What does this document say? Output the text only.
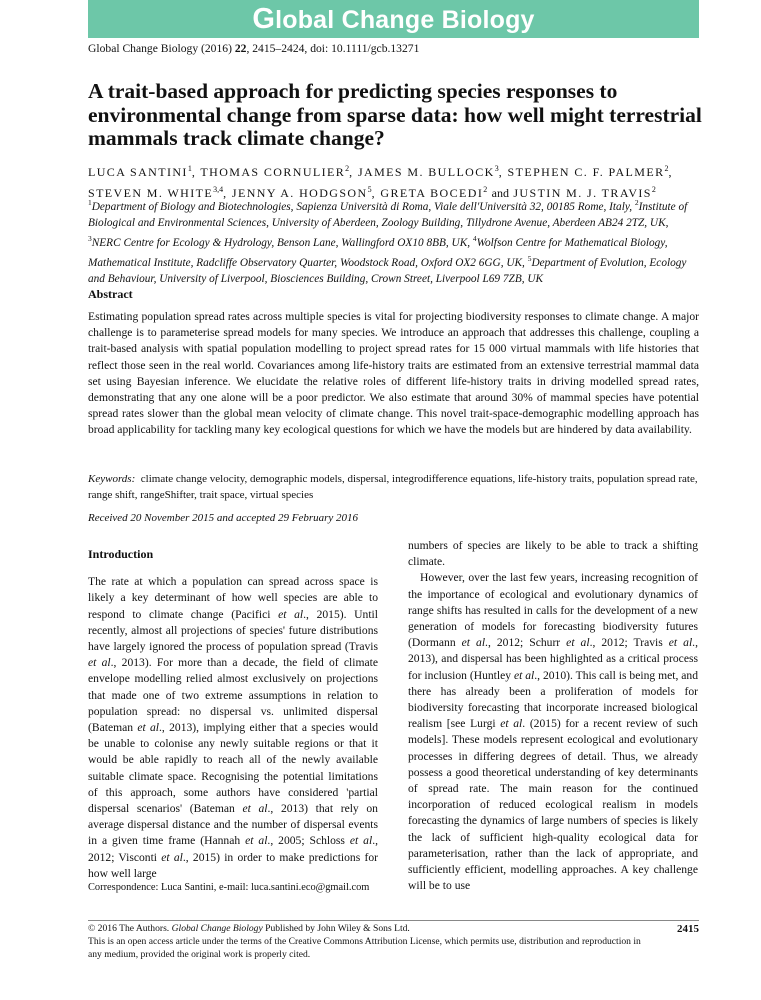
Global Change Biology
Global Change Biology (2016) 22, 2415–2424, doi: 10.1111/gcb.13271
A trait-based approach for predicting species responses to environmental change from sparse data: how well might terrestrial mammals track climate change?
LUCA SANTINI$^1$, THOMAS CORNULIER$^2$, JAMES M. BULLOCK$^3$, STEPHEN C. F. PALMER$^2$, STEVEN M. WHITE$^{3,4}$, JENNY A. HODGSON$^5$, GRETA BOCEDI$^2$ and JUSTIN M. J. TRAVIS$^2$
$^1$Department of Biology and Biotechnologies, Sapienza Università di Roma, Viale dell'Università 32, 00185 Rome, Italy, $^2$Institute of Biological and Environmental Sciences, University of Aberdeen, Zoology Building, Tillydrone Avenue, Aberdeen AB24 2TZ, UK, $^3$NERC Centre for Ecology & Hydrology, Benson Lane, Wallingford OX10 8BB, UK, $^4$Wolfson Centre for Mathematical Biology, Mathematical Institute, Radcliffe Observatory Quarter, Woodstock Road, Oxford OX2 6GG, UK, $^5$Department of Evolution, Ecology and Behaviour, University of Liverpool, Biosciences Building, Crown Street, Liverpool L69 7ZB, UK
Abstract

Estimating population spread rates across multiple species is vital for projecting biodiversity responses to climate change. A major challenge is to parameterise spread models for many species. We introduce an approach that addresses this challenge, coupling a trait-based analysis with spatial population modelling to project spread rates for 15 000 virtual mammals with life histories that reflect those seen in the real world. Covariances among life-history traits are estimated from an extensive terrestrial mammal data set using Bayesian inference. We elucidate the relative roles of different life-history traits in driving modelled spread rates, demonstrating that any one alone will be a poor predictor. We also estimate that around 30% of mammal species have potential spread rates slower than the global mean velocity of climate change. This novel trait-space-demographic modelling approach has broad applicability for tackling many key ecological questions for which we have the models but are hindered by data availability.

Keywords: climate change velocity, demographic models, dispersal, integrodifference equations, life-history traits, population spread rate, range shift, rangeShifter, trait space, virtual species
Received 20 November 2015 and accepted 29 February 2016
Introduction

The rate at which a population can spread across space is likely a key determinant of how well species are able to respond to climate change (Pacifici et al., 2015). Until recently, almost all projections of species' future distributions have largely ignored the process of population spread (Travis et al., 2013). For more than a decade, the field of climate envelope modelling relied almost exclusively on projections that made one of two extreme assumptions in relation to population spread: no dispersal vs. unlimited dispersal (Bateman et al., 2013), implying either that a species would be unable to colonise any newly suitable regions or that it would be able rapidly to reach all of the newly available suitable climate space. Recognising the potential limitations of this approach, some authors have considered 'partial dispersal scenarios' (Bateman et al., 2013) that rely on average dispersal distance and the number of dispersal events in a given time frame (Hannah et al., 2005; Schloss et al., 2012; Visconti et al., 2015) in order to make predictions for how well large

numbers of species are likely to be able to track a shifting climate.

However, over the last few years, increasing recognition of the importance of ecological and evolutionary dynamics of range shifts has resulted in calls for the development of a new generation of models for forecasting biodiversity futures (Dormann et al., 2012; Schurr et al., 2012; Travis et al., 2013), and dispersal has been highlighted as a critical process for inclusion (Huntley et al., 2010). This call is being met, and there has already been a proliferation of models for biodiversity forecasting that incorporate increased biological realism [see Lurgi et al. (2015) for a recent review of such models]. These models represent ecological and evolutionary processes in differing degrees of detail. Thus, we already possess a good theoretical understanding of key determinants of spread rate. The main reason for the continued incorporation of reduced ecological realism in models forecasting the dynamics of large numbers of species is likely the lack of sufficient high-quality ecological data for parameterisation, rather than the lack of appropriate, and sufficiently efficient, modelling approaches. A key challenge will be to use

Correspondence: Luca Santini, e-mail: luca.santini.eco@gmail.com
© 2016 The Authors. Global Change Biology Published by John Wiley & Sons Ltd.
This is an open access article under the terms of the Creative Commons Attribution License, which permits use, distribution and reproduction in any medium, provided the original work is properly cited.
2415
